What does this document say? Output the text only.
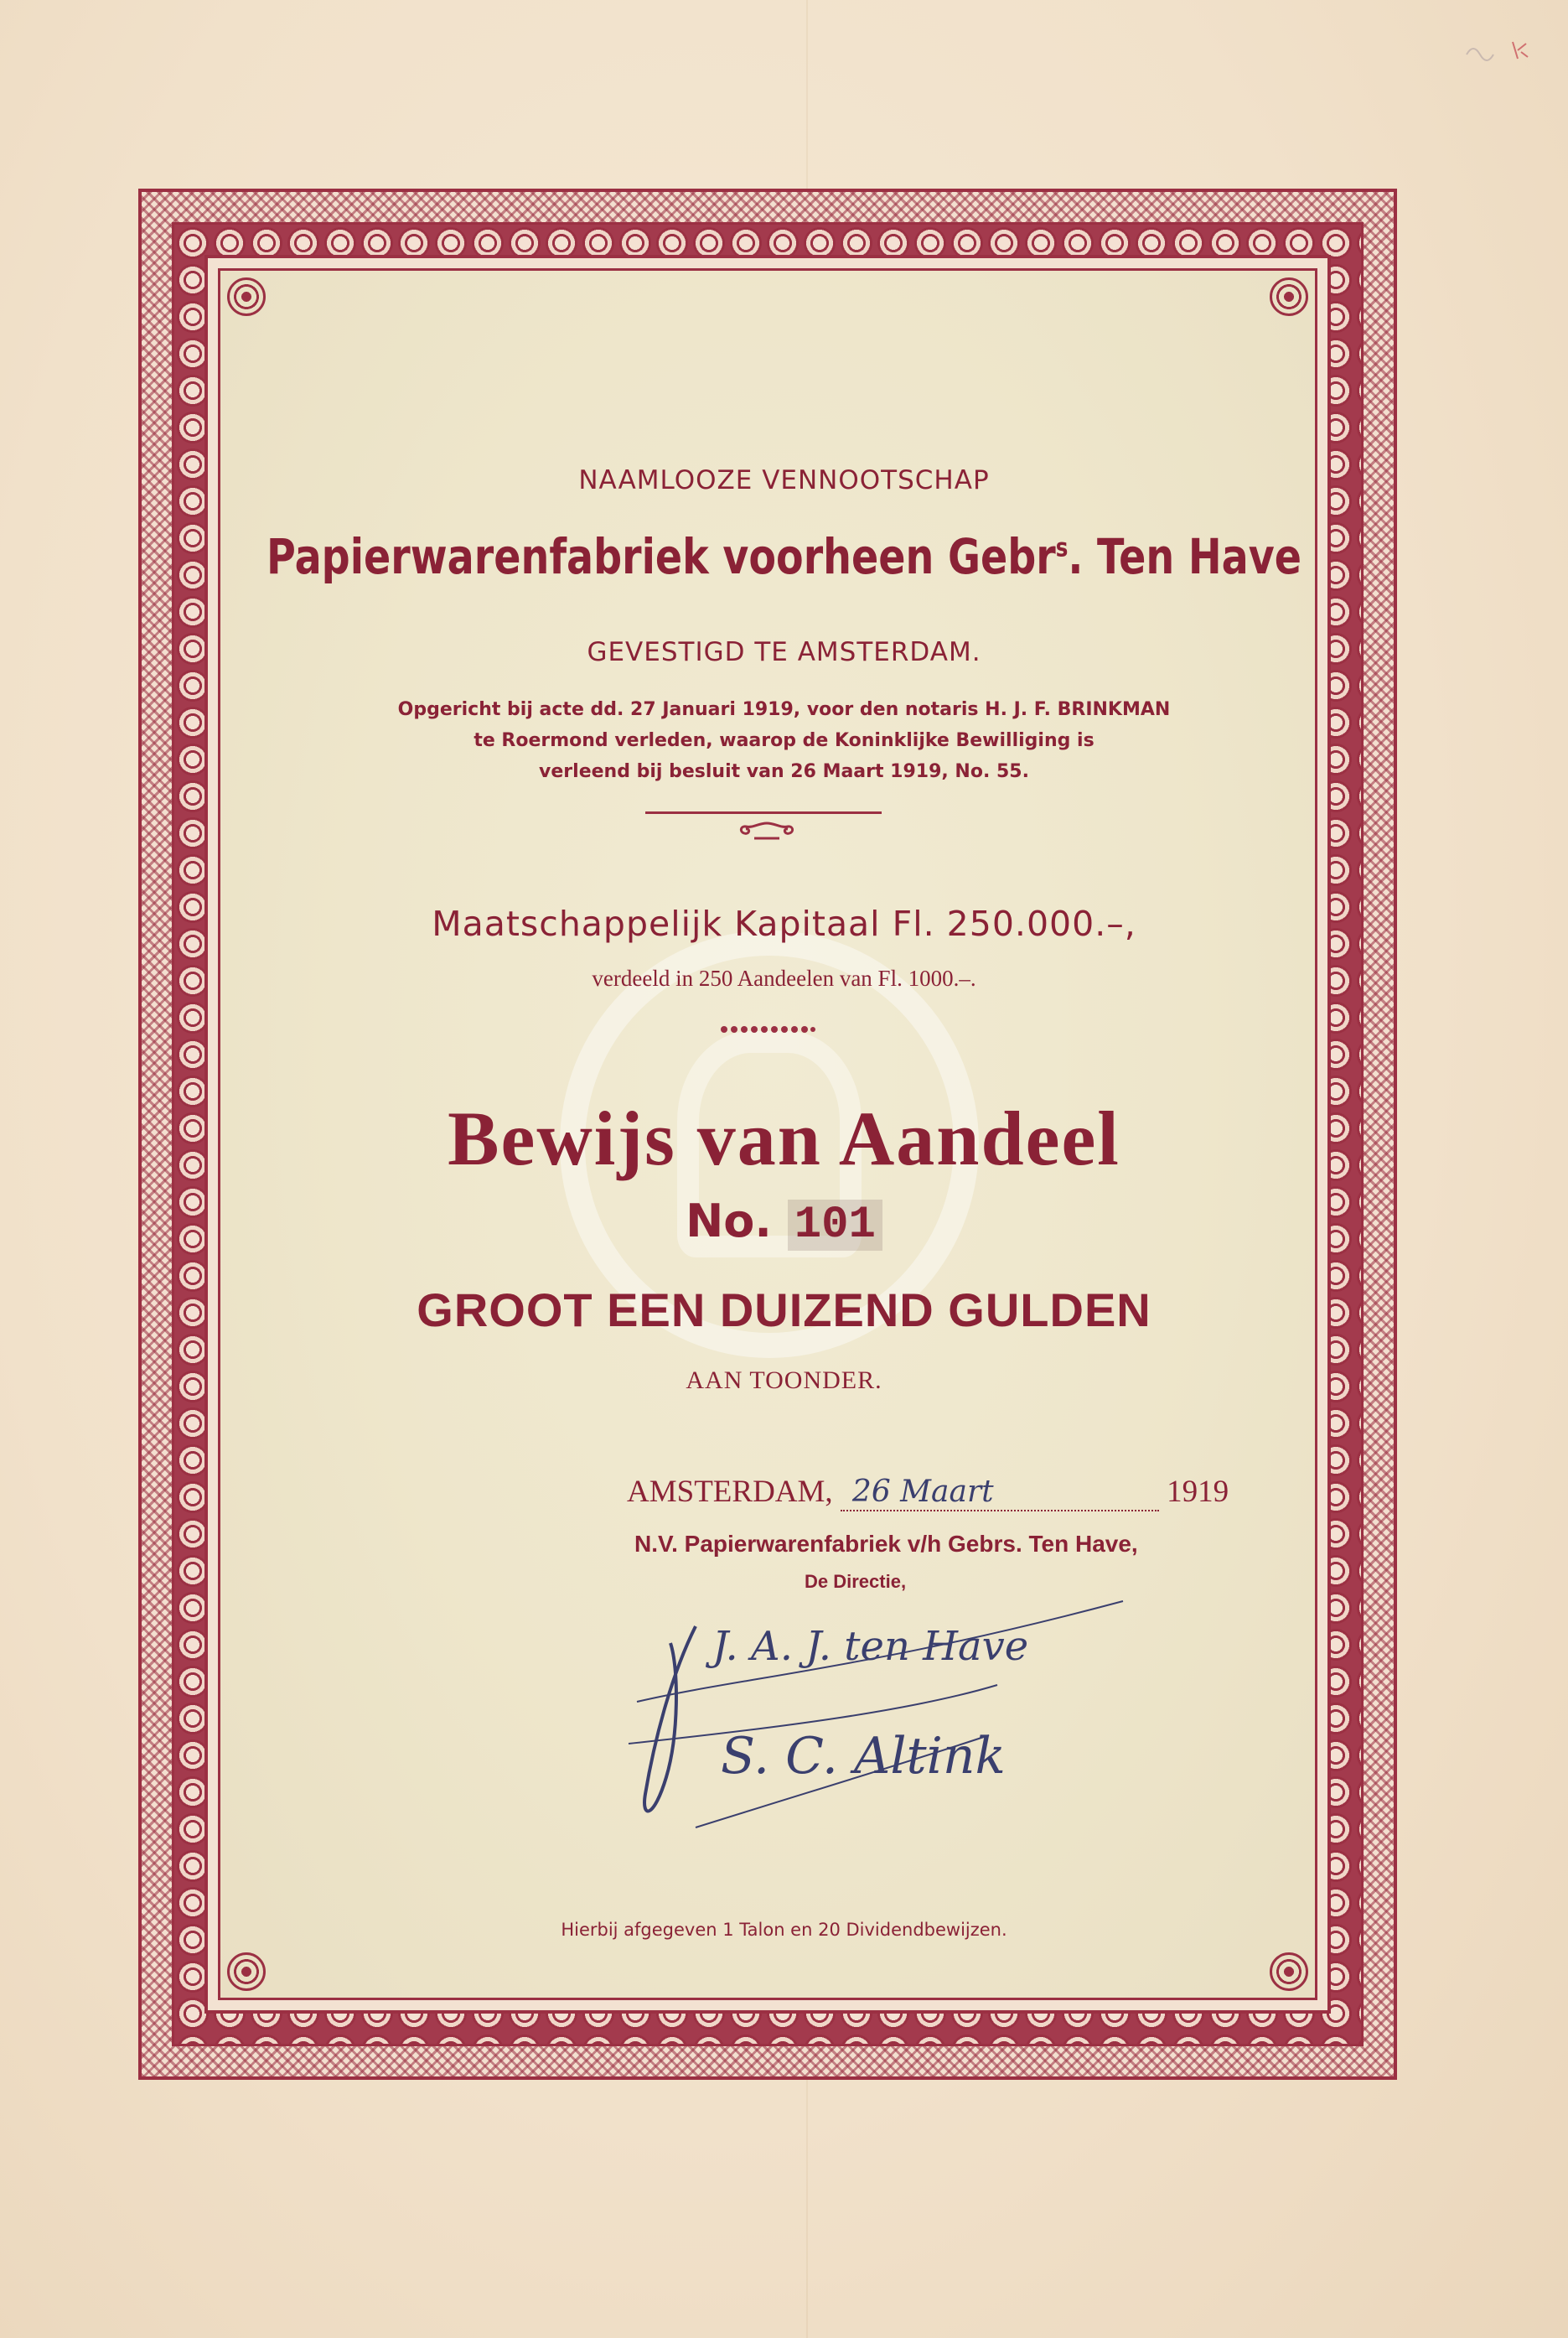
NAAMLOOZE VENNOOTSCHAP

Papierwarenfabriek voorheen Gebr$^s$. Ten Have

GEVESTIGD TE AMSTERDAM.

Opgericht bij acte dd. 27 Januari 1919, voor den notaris H. J. F. BRINKMAN
te Roermond verleden, waarop de Koninklijke Bewilliging is
verleend bij besluit van 26 Maart 1919, No. 55.

Maatschappelijk Kapitaal Fl. 250.000.–,

verdeeld in 250 Aandeelen van Fl. 1000.–.

Bewijs van Aandeel

No. 101

GROOT EEN DUIZEND GULDEN

AAN TOONDER.

AMSTERDAM, 26 Maart	1919
N.V. Papierwarenfabriek v/h Gebrs. Ten Have,
De Directie,
J. A. J. ten Have
S. C. Altink

Hierbij afgegeven 1 Talon en 20 Dividendbewijzen.
